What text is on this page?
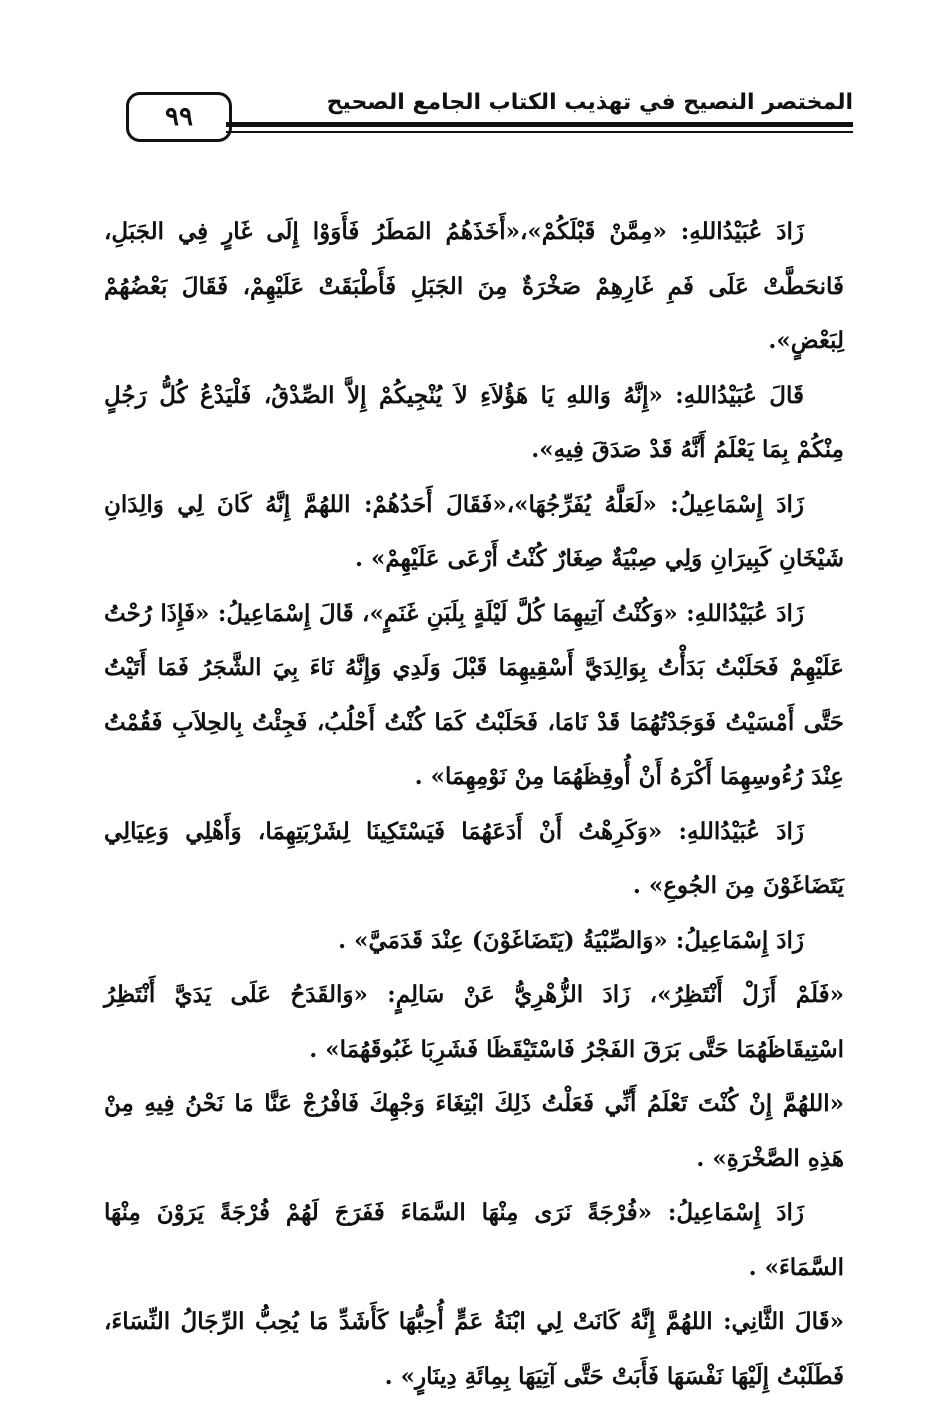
٩٩	المختصر النصيح في تهذيب الكتاب الجامع الصحيح

زَادَ عُبَيْدُاللهِ: «مِمَّنْ قَبْلَكُمْ»،«أَخَذَهُمُ المَطَرُ فَأَوَوْا إِلَى غَارٍ فِي الجَبَلِ، فَانحَطَّتْ عَلَى فَمِ غَارِهِمْ صَخْرَةٌ مِنَ الجَبَلِ فَأَطْبَقَتْ عَلَيْهِمْ، فَقَالَ بَعْضُهُمْ لِبَعْضٍ».

قَالَ عُبَيْدُاللهِ: «إِنَّهُ وَاللهِ يَا هَؤُلاَءِ لاَ يُنْجِيكُمْ إِلاَّ الصِّدْقُ، فَلْيَدْعُ كُلُّ رَجُلٍ مِنْكُمْ بِمَا يَعْلَمُ أَنَّهُ قَدْ صَدَقَ فِيهِ».

زَادَ إِسْمَاعِيلُ: «لَعَلَّهُ يُفَرِّجُهَا»،«فَقَالَ أَحَدُهُمْ: اللهُمَّ إِنَّهُ كَانَ لِي وَالِدَانِ شَيْخَانِ كَبِيرَانِ وَلِي صِبْيَةٌ صِغَارٌ كُنْتُ أَرْعَى عَلَيْهِمْ» .

زَادَ عُبَيْدُاللهِ: «وَكُنْتُ آتِيهِمَا كُلَّ لَيْلَةٍ بِلَبَنِ غَنَمٍ»، قَالَ إِسْمَاعِيلُ: «فَإِذَا رُحْتُ عَلَيْهِمْ فَحَلَبْتُ بَدَأْتُ بِوَالِدَيَّ أَسْقِيهِمَا قَبْلَ وَلَدِي وَإِنَّهُ نَاءَ بِيَ الشَّجَرُ فَمَا أَتَيْتُ حَتَّى أَمْسَيْتُ فَوَجَدْتُهُمَا قَدْ نَامَا، فَحَلَبْتُ كَمَا كُنْتُ أَحْلُبُ، فَجِئْتُ بِالحِلاَبِ فَقُمْتُ عِنْدَ رُءُوسِهِمَا أَكْرَهُ أَنْ أُوقِظَهُمَا مِنْ نَوْمِهِمَا» .

زَادَ عُبَيْدُاللهِ: «وَكَرِهْتُ أَنْ أَدَعَهُمَا فَيَسْتَكِينَا لِشَرْبَتِهِمَا، وَأَهْلِي وَعِيَالِي يَتَضَاغَوْنَ مِنَ الجُوعِ» .

زَادَ إِسْمَاعِيلُ: «وَالصِّبْيَةُ (يَتَضَاغَوْنَ) عِنْدَ قَدَمَيَّ» .

«فَلَمْ أَزَلْ أَنْتَظِرُ»، زَادَ الزُّهْرِيُّ عَنْ سَالِمٍ: «وَالقَدَحُ عَلَى يَدَيَّ أَنْتَظِرُ اسْتِيقَاظَهُمَا حَتَّى بَرَقَ الفَجْرُ فَاسْتَيْقَظَا فَشَرِبَا غَبُوقَهُمَا» .

«اللهُمَّ إِنْ كُنْتَ تَعْلَمُ أَنِّي فَعَلْتُ ذَلِكَ ابْتِغَاءَ وَجْهِكَ فَافْرُجْ عَنَّا مَا نَحْنُ فِيهِ مِنْ هَذِهِ الصَّخْرَةِ» .

زَادَ إِسْمَاعِيلُ: «فُرْجَةً نَرَى مِنْهَا السَّمَاءَ فَفَرَجَ لَهُمْ فُرْجَةً يَرَوْنَ مِنْهَا السَّمَاءَ» .

«قَالَ الثَّانِي: اللهُمَّ إِنَّهُ كَانَتْ لِي ابْنَةُ عَمٍّ أُحِبُّهَا كَأَشَدِّ مَا يُحِبُّ الرِّجَالُ النِّسَاءَ، فَطَلَبْتُ إِلَيْهَا نَفْسَهَا فَأَبَتْ حَتَّى آتِيَهَا بِمِائَةِ دِينَارٍ» .
